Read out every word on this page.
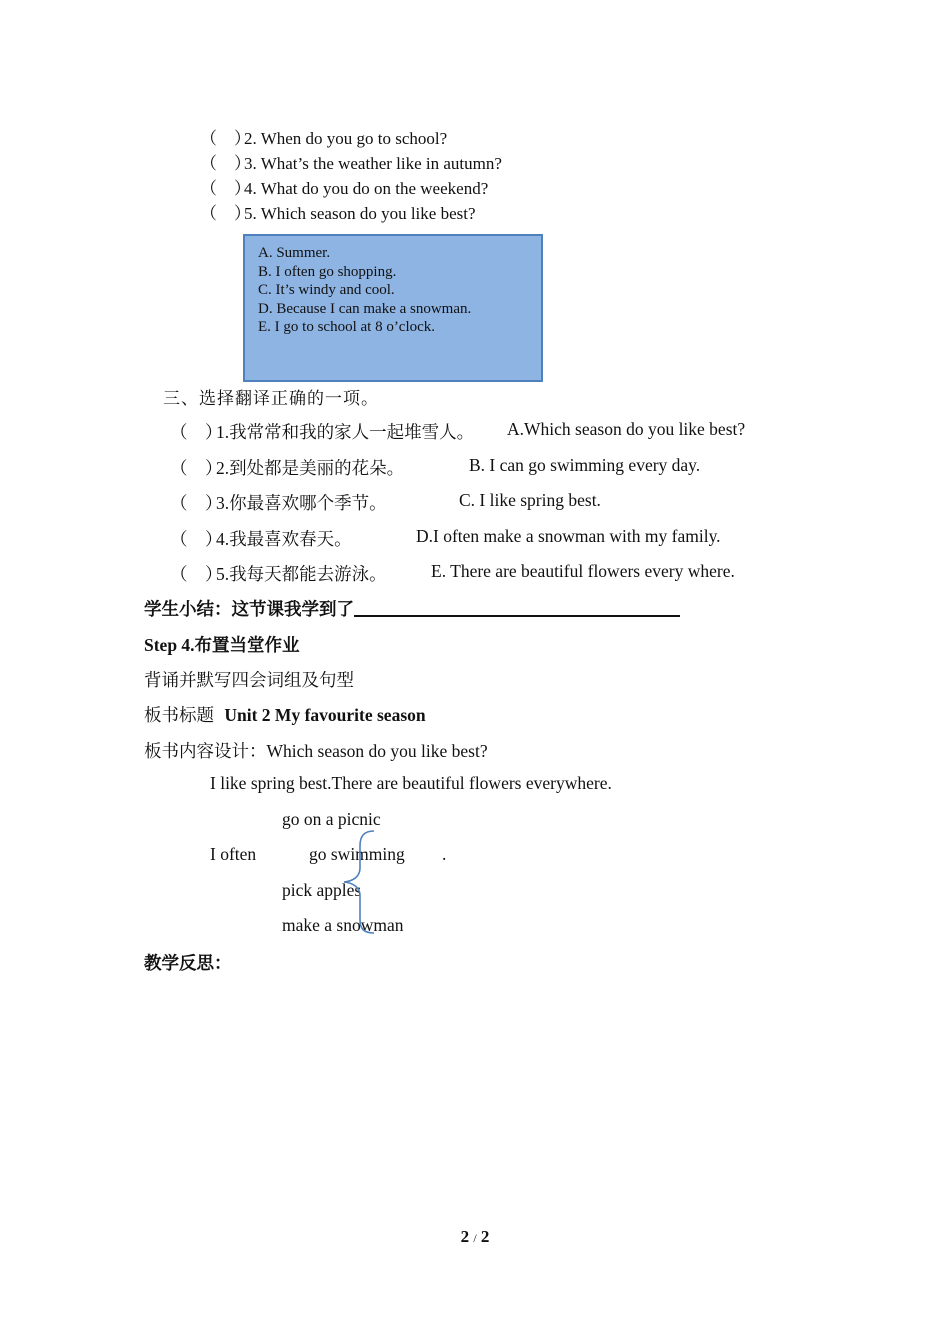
（　）2. When do you go to school?
（　）3. What’s the weather like in autumn?
（　）4. What do you do on the weekend?
（　）5. Which season do you like best?
A. Summer.
B. I often go shopping.
C. It’s windy and cool.
D. Because I can make a snowman.
E. I go to school at 8 o’clock.
三、选择翻译正确的一项。
（　）1.我常常和我的家人一起堆雪人。 A.Which season do you like best?
（　）2.到处都是美丽的花朵。	B. I can go swimming every day.
（　）3.你最喜欢哪个季节。	C. I like spring best.
（　）4.我最喜欢春天。	D.I often make a snowman with my family.
（　）5.我每天都能去游泳。	E. There are beautiful flowers every where.
学生小结：这节课我学到了
Step 4.布置当堂作业
背诵并默写四会词组及句型
板书标题 Unit 2 My favourite season
板书内容设计：Which season do you like best?
I like spring best.There are beautiful flowers everywhere.
go on a picnic
I often	go swimming .
pick apples
make a snowman
教学反思：
2 / 2
